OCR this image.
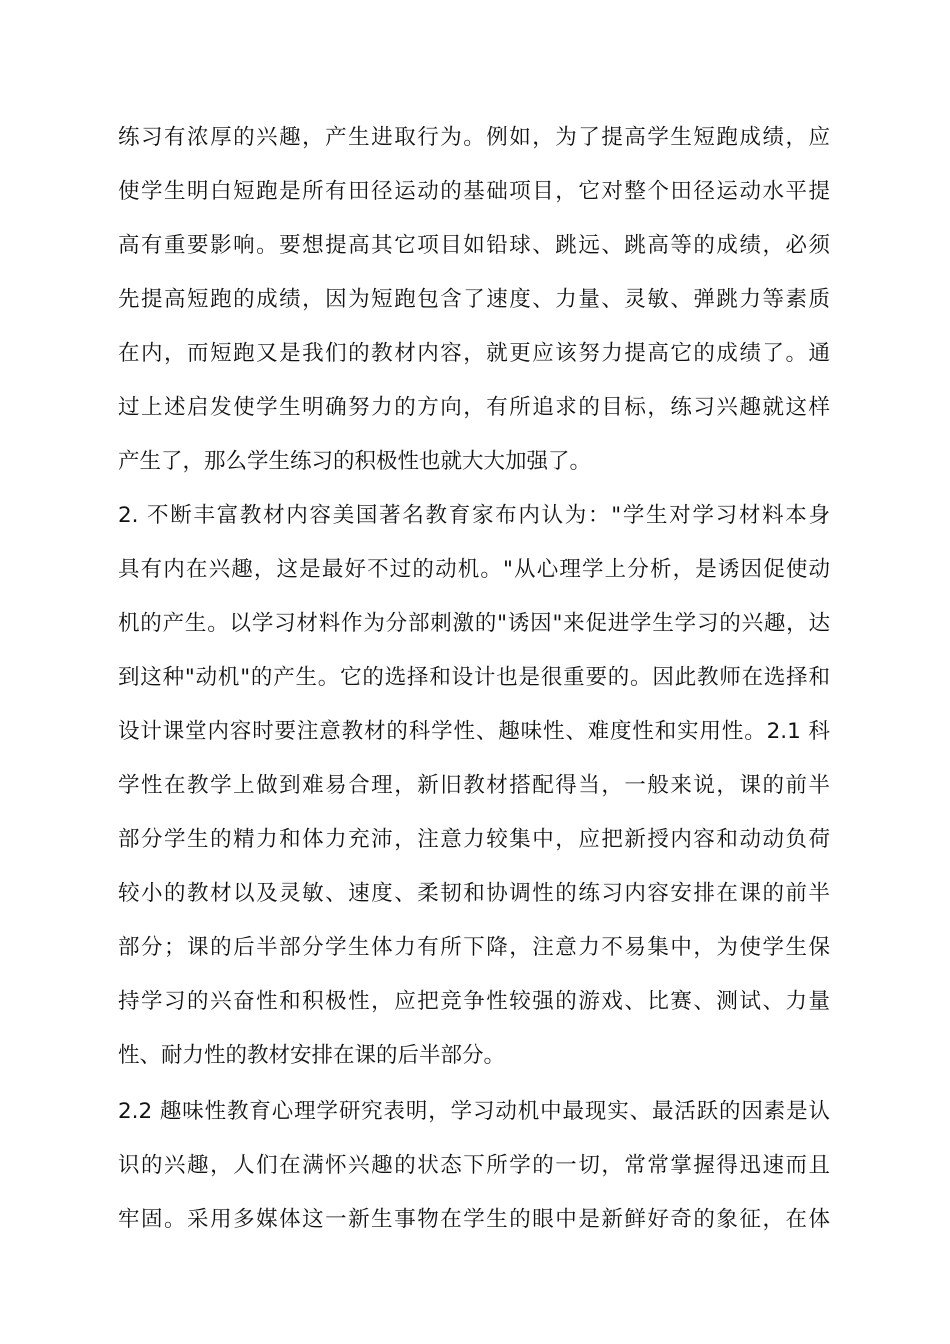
练习有浓厚的兴趣，产生进取行为。例如，为了提高学生短跑成绩，应
使学生明白短跑是所有田径运动的基础项目，它对整个田径运动水平提
高有重要影响。要想提高其它项目如铅球、跳远、跳高等的成绩，必须
先提高短跑的成绩，因为短跑包含了速度、力量、灵敏、弹跳力等素质
在内，而短跑又是我们的教材内容，就更应该努力提高它的成绩了。通
过上述启发使学生明确努力的方向，有所追求的目标，练习兴趣就这样
产生了，那么学生练习的积极性也就大大加强了。
2. 不断丰富教材内容美国著名教育家布内认为："学生对学习材料本身
具有内在兴趣，这是最好不过的动机。"从心理学上分析，是诱因促使动
机的产生。以学习材料作为分部刺激的"诱因"来促进学生学习的兴趣，达
到这种"动机"的产生。它的选择和设计也是很重要的。因此教师在选择和
设计课堂内容时要注意教材的科学性、趣味性、难度性和实用性。2.1 科
学性在教学上做到难易合理，新旧教材搭配得当，一般来说，课的前半
部分学生的精力和体力充沛，注意力较集中，应把新授内容和动动负荷
较小的教材以及灵敏、速度、柔韧和协调性的练习内容安排在课的前半
部分；课的后半部分学生体力有所下降，注意力不易集中，为使学生保
持学习的兴奋性和积极性，应把竞争性较强的游戏、比赛、测试、力量
性、耐力性的教材安排在课的后半部分。
2.2 趣味性教育心理学研究表明，学习动机中最现实、最活跃的因素是认
识的兴趣，人们在满怀兴趣的状态下所学的一切，常常掌握得迅速而且
牢固。采用多媒体这一新生事物在学生的眼中是新鲜好奇的象征，在体
